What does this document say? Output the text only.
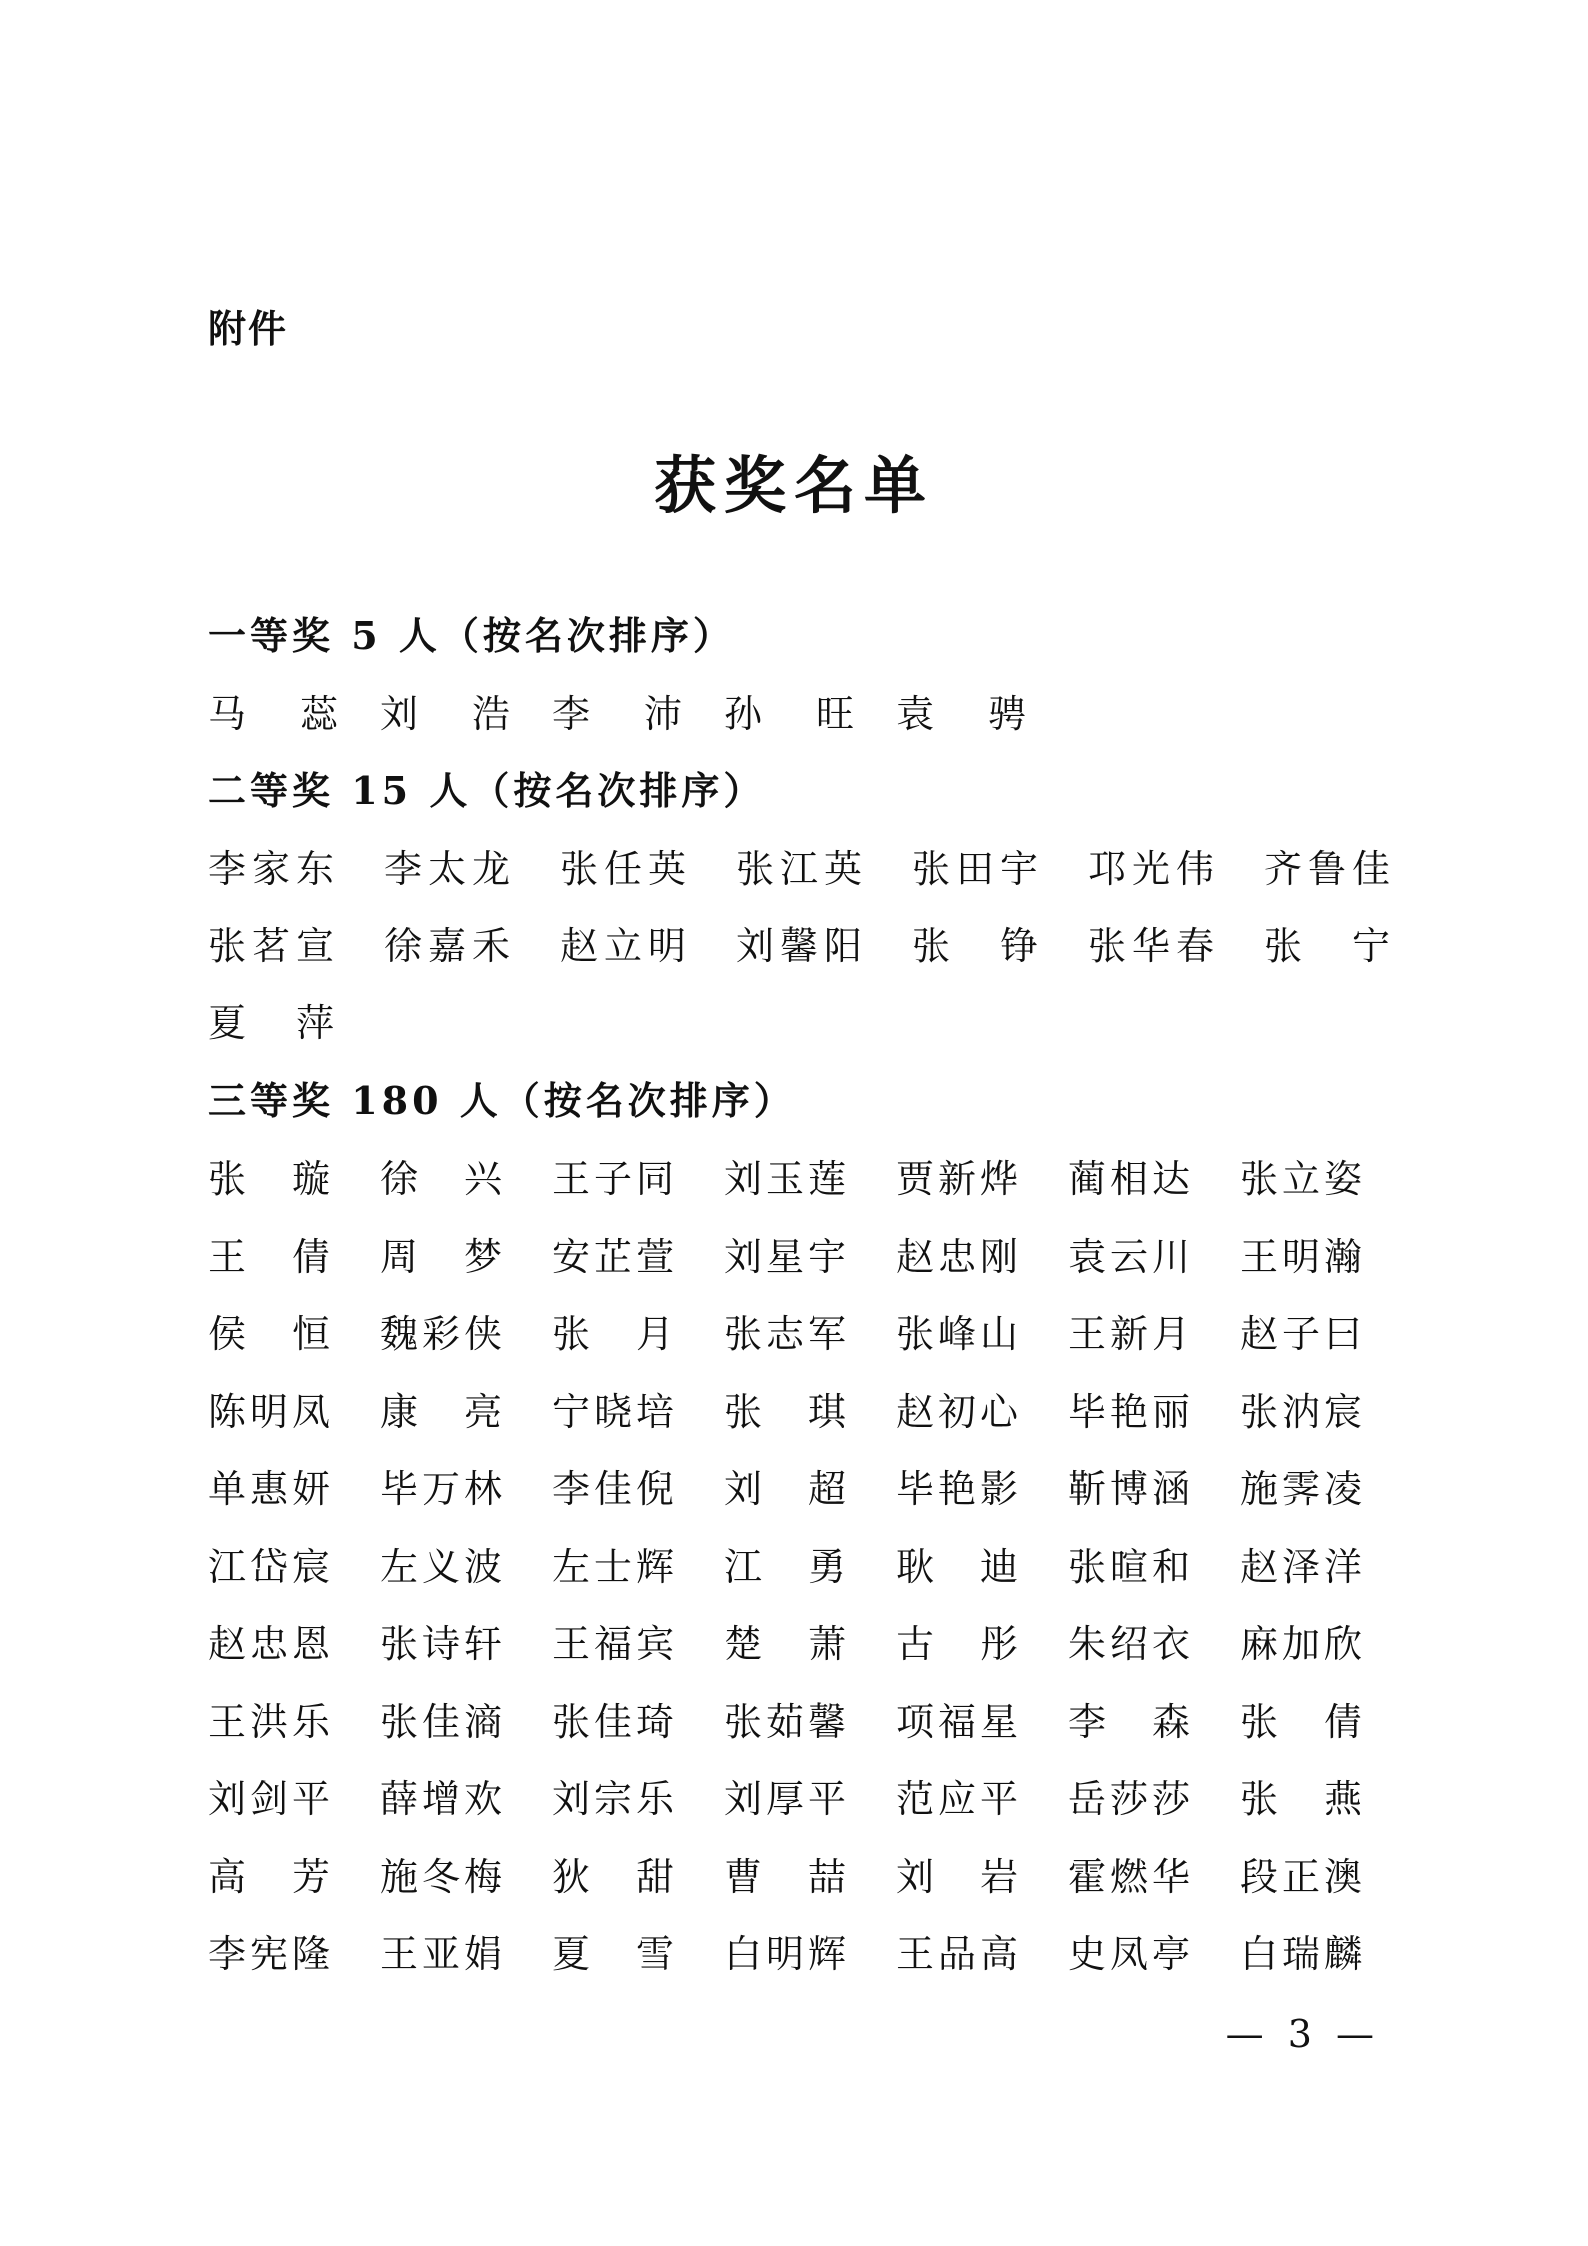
附件
获奖名单
一等奖 5 人（按名次排序）
马　蕊 刘　浩 李　沛 孙　旺 袁　骋
二等奖 15 人（按名次排序）
李家东 李太龙 张任英 张江英 张田宇 邛光伟 齐鲁佳
张茗宣 徐嘉禾 赵立明 刘馨阳 张　铮 张华春 张　宁
夏　萍
三等奖 180 人（按名次排序）
张　璇 徐　兴 王子同 刘玉莲 贾新烨 蔺相达 张立姿
王　倩 周　梦 安芷萱 刘星宇 赵忠刚 袁云川 王明瀚
侯　恒 魏彩侠 张　月 张志军 张峰山 王新月 赵子曰
陈明凤 康　亮 宁晓培 张　琪 赵初心 毕艳丽 张汭宸
单惠妍 毕万林 李佳倪 刘　超 毕艳影 靳博涵 施霁凌
江岱宸 左义波 左士辉 江　勇 耿　迪 张暄和 赵泽洋
赵忠恩 张诗轩 王福宾 楚　萧 古　彤 朱绍衣 麻加欣
王洪乐 张佳滳 张佳琦 张茹馨 项福星 李　森 张　倩
刘剑平 薛增欢 刘宗乐 刘厚平 范应平 岳莎莎 张　燕
高　芳 施冬梅 狄　甜 曹　喆 刘　岩 霍燃华 段正澳
李宪隆 王亚娟 夏　雪 白明辉 王品高 史凤亭 白瑞麟
— 3 —
